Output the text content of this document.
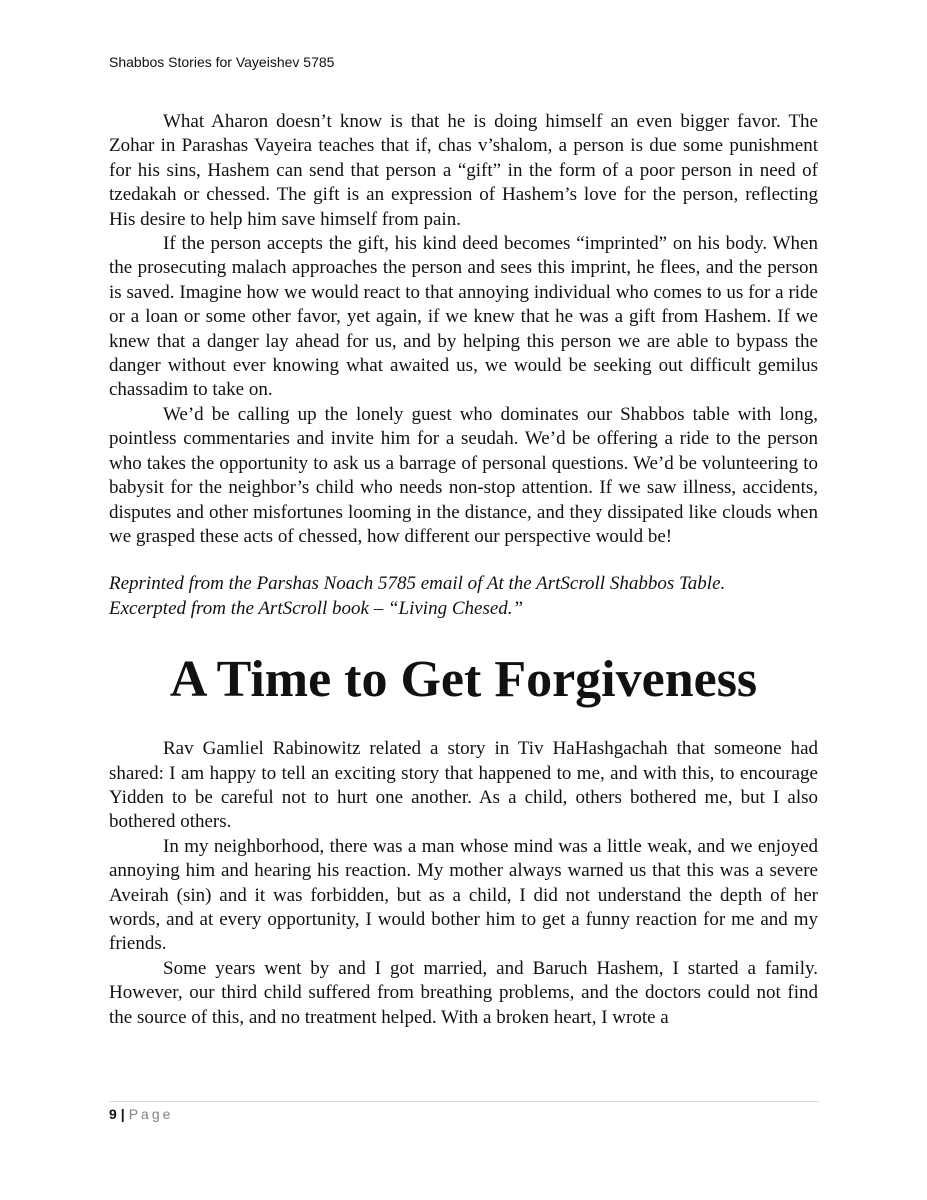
Shabbos Stories for Vayeishev 5785

What Aharon doesn’t know is that he is doing himself an even bigger favor. The Zohar in Parashas Vayeira teaches that if, chas v’shalom, a person is due some punishment for his sins, Hashem can send that person a “gift” in the form of a poor person in need of tzedakah or chessed. The gift is an expression of Hashem’s love for the person, reflecting His desire to help him save himself from pain.

If the person accepts the gift, his kind deed becomes “imprinted” on his body. When the prosecuting malach approaches the person and sees this imprint, he flees, and the person is saved. Imagine how we would react to that annoying individual who comes to us for a ride or a loan or some other favor, yet again, if we knew that he was a gift from Hashem. If we knew that a danger lay ahead for us, and by helping this person we are able to bypass the danger without ever knowing what awaited us, we would be seeking out difficult gemilus chassadim to take on.

We’d be calling up the lonely guest who dominates our Shabbos table with long, pointless commentaries and invite him for a seudah. We’d be offering a ride to the person who takes the opportunity to ask us a barrage of personal questions. We’d be volunteering to babysit for the neighbor’s child who needs non-stop attention. If we saw illness, accidents, disputes and other misfortunes looming in the distance, and they dissipated like clouds when we grasped these acts of chessed, how different our perspective would be!

Reprinted from the Parshas Noach 5785 email of At the ArtScroll Shabbos Table.
Excerpted from the ArtScroll book – “Living Chesed.”

A Time to Get Forgiveness

Rav Gamliel Rabinowitz related a story in Tiv HaHashgachah that someone had shared: I am happy to tell an exciting story that happened to me, and with this, to encourage Yidden to be careful not to hurt one another. As a child, others bothered me, but I also bothered others.

In my neighborhood, there was a man whose mind was a little weak, and we enjoyed annoying him and hearing his reaction. My mother always warned us that this was a severe Aveirah (sin) and it was forbidden, but as a child, I did not understand the depth of her words, and at every opportunity, I would bother him to get a funny reaction for me and my friends.

Some years went by and I got married, and Baruch Hashem, I started a family. However, our third child suffered from breathing problems, and the doctors could not find the source of this, and no treatment helped. With a broken heart, I wrote a

9 | Page
